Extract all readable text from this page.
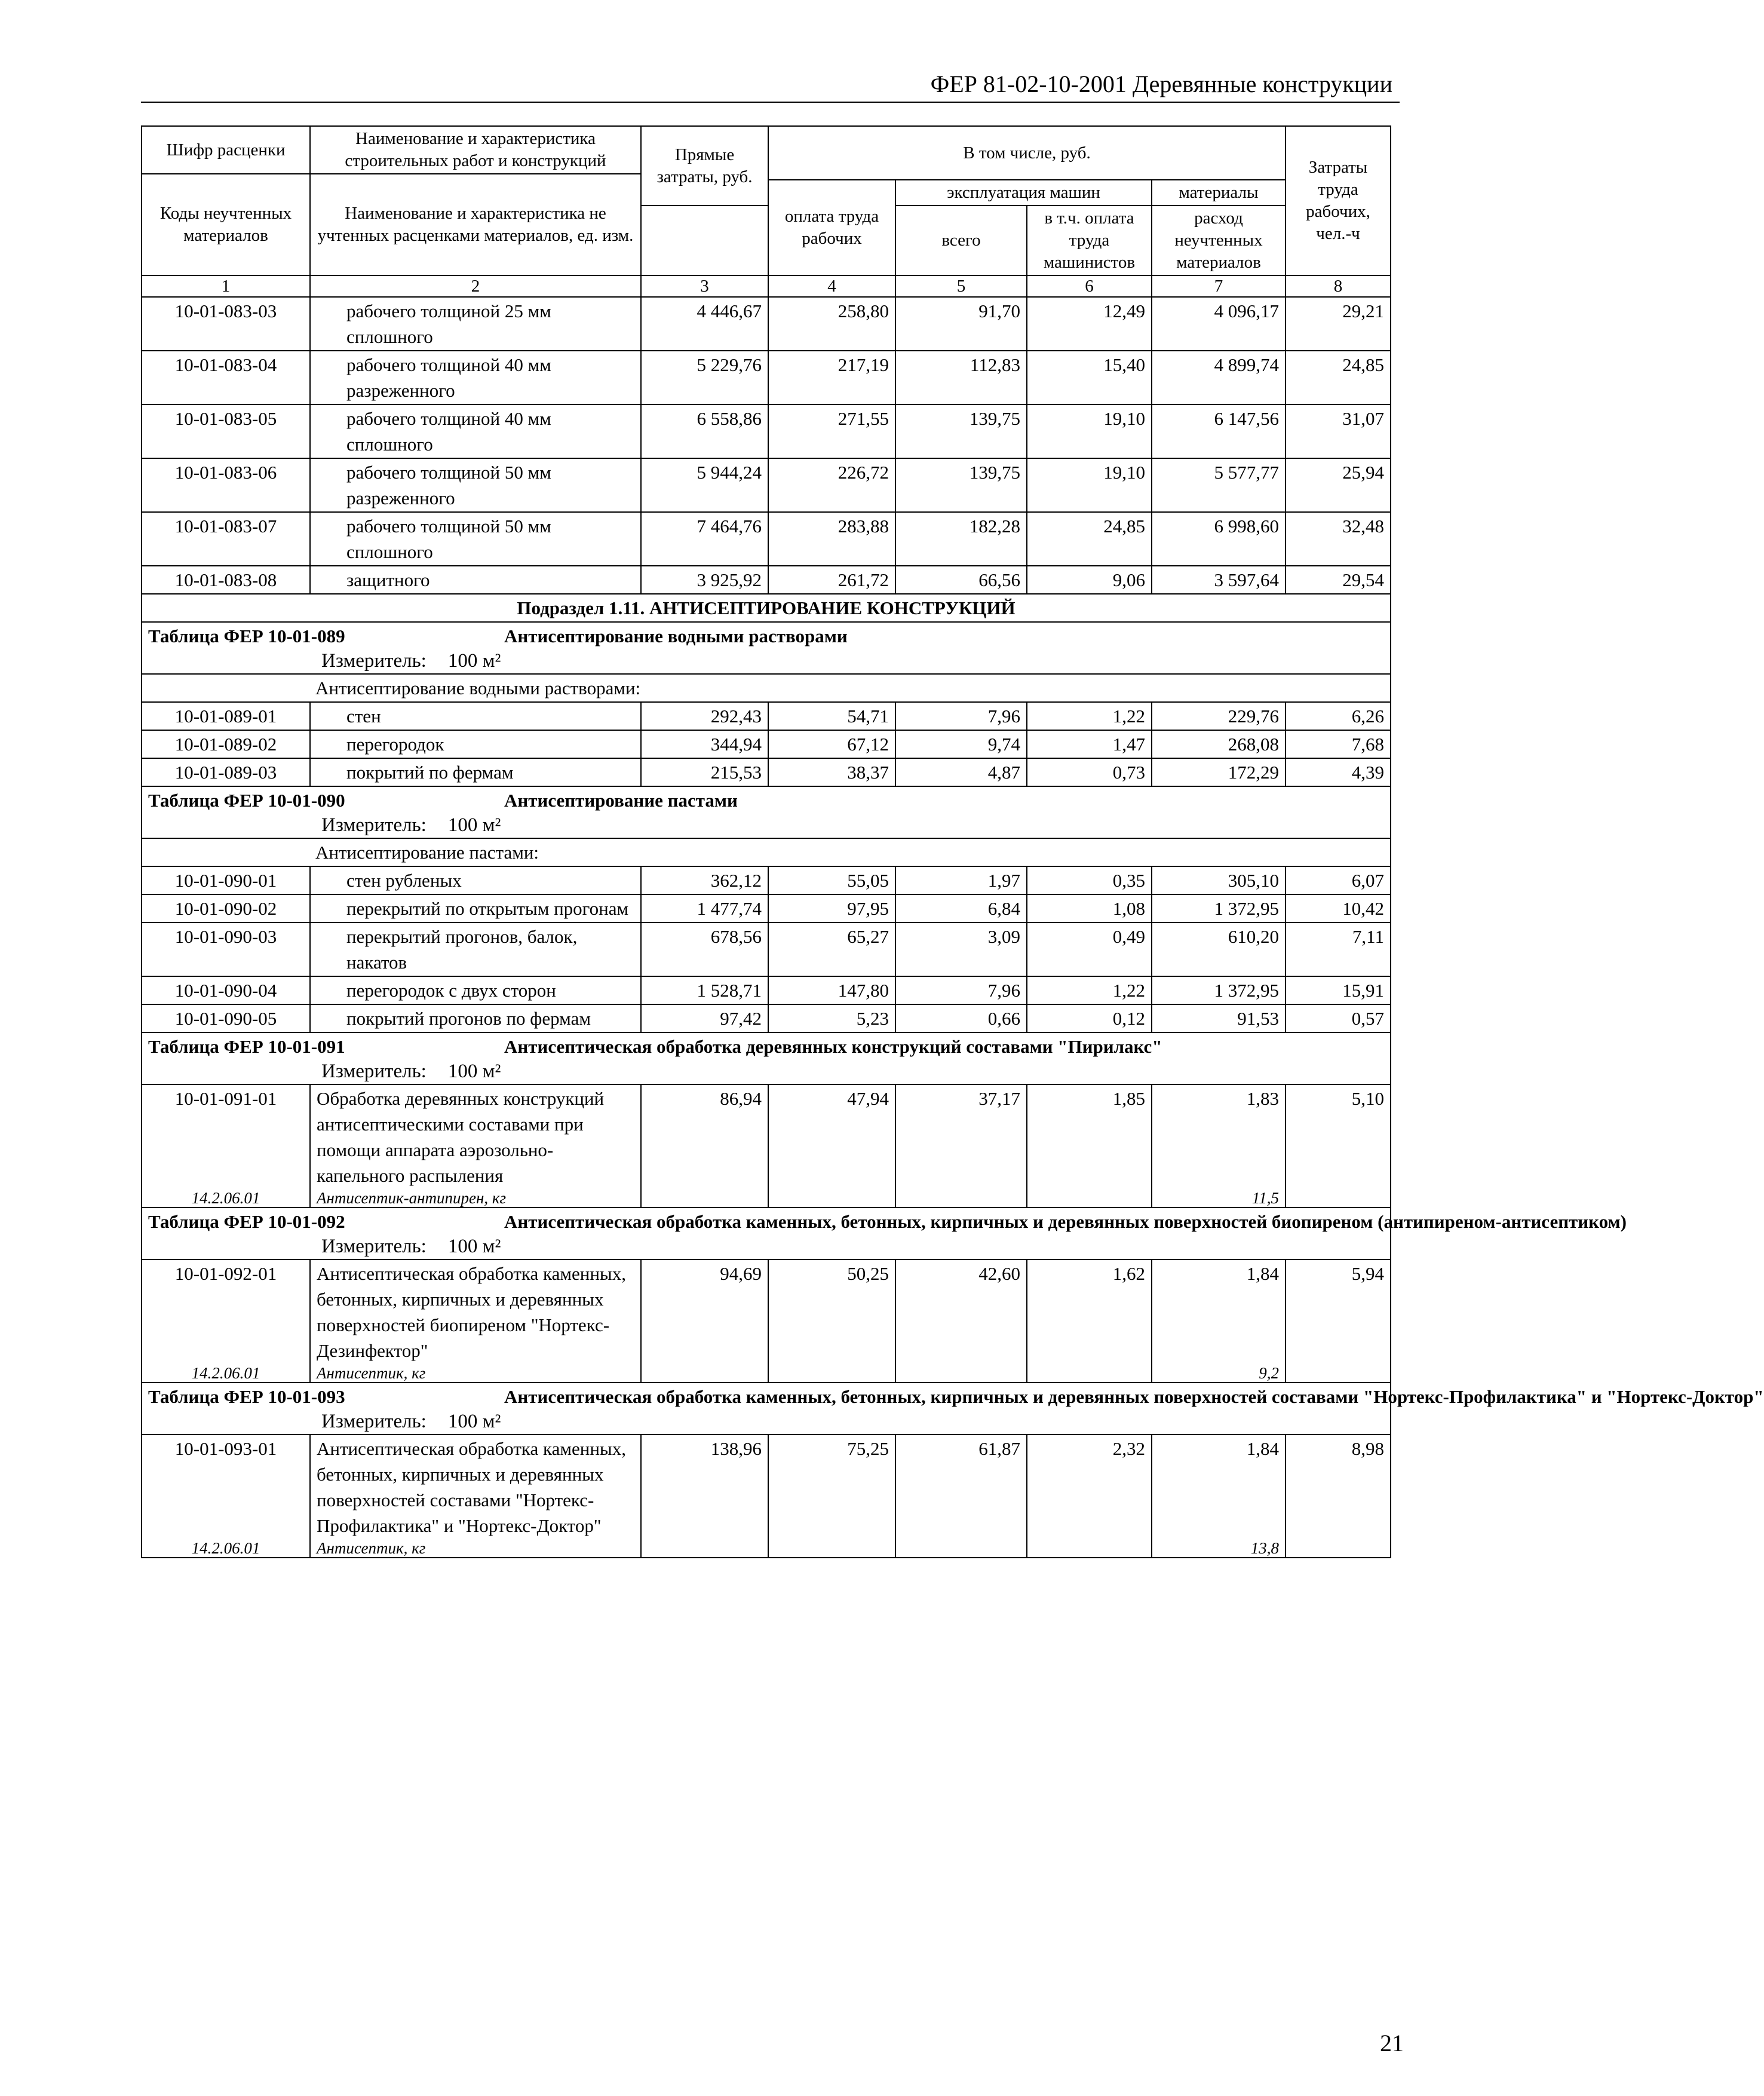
ФЕР 81-02-10-2001 Деревянные конструкции
Шифр расценки	Наименование и характеристика строительных работ и конструкций	Прямые затраты, руб.	В том числе, руб.				Затраты труда рабочих, чел.-ч
Коды неучтенных материалов	Наименование и характеристика не учтенных расценками материалов, ед. изм.						
			оплата труда рабочих	эксплуатация машин		материалы	
				всего	в т.ч. оплата труда машинистов	расход неучтенных материалов	
1	2	3	4	5	6	7	8
10-01-083-03	рабочего толщиной 25 мм сплошного	4 446,67	258,80	91,70	12,49	4 096,17	29,21
10-01-083-04	рабочего толщиной 40 мм разреженного	5 229,76	217,19	112,83	15,40	4 899,74	24,85
10-01-083-05	рабочего толщиной 40 мм сплошного	6 558,86	271,55	139,75	19,10	6 147,56	31,07
10-01-083-06	рабочего толщиной 50 мм разреженного	5 944,24	226,72	139,75	19,10	5 577,77	25,94
10-01-083-07	рабочего толщиной 50 мм сплошного	7 464,76	283,88	182,28	24,85	6 998,60	32,48
10-01-083-08	защитного	3 925,92	261,72	66,56	9,06	3 597,64	29,54
Подраздел 1.11. АНТИСЕПТИРОВАНИЕ КОНСТРУКЦИЙ							

Таблица ФЕР 10-01-089 Антисептирование водными растворами
Измеритель: 100 м²							

Антисептирование водными растворами:							
10-01-089-01	стен	292,43	54,71	7,96	1,22	229,76	6,26
10-01-089-02	перегородок	344,94	67,12	9,74	1,47	268,08	7,68
10-01-089-03	покрытий по фермам	215,53	38,37	4,87	0,73	172,29	4,39

Таблица ФЕР 10-01-090 Антисептирование пастами
Измеритель: 100 м²							

Антисептирование пастами:							
10-01-090-01	стен рубленых	362,12	55,05	1,97	0,35	305,10	6,07
10-01-090-02	перекрытий по открытым прогонам	1 477,74	97,95	6,84	1,08	1 372,95	10,42
10-01-090-03	перекрытий прогонов, балок, накатов	678,56	65,27	3,09	0,49	610,20	7,11
10-01-090-04	перегородок с двух сторон	1 528,71	147,80	7,96	1,22	1 372,95	15,91
10-01-090-05	покрытий прогонов по фермам	97,42	5,23	0,66	0,12	91,53	0,57

Таблица ФЕР 10-01-091 Антисептическая обработка деревянных конструкций составами "Пирилакс"
Измеритель: 100 м²							

10-01-091-01	Обработка деревянных конструкций антисептическими составами при помощи аппарата аэрозольно-капельного распыления	86,94	47,94	37,17	1,85	1,83	5,10
14.2.06.01	Антисептик-антипирен, кг					11,5	

Таблица ФЕР 10-01-092 Антисептическая обработка каменных, бетонных, кирпичных и деревянных поверхностей биопиреном (антипиреном-антисептиком)
Измеритель: 100 м²							

10-01-092-01	Антисептическая обработка каменных, бетонных, кирпичных и деревянных поверхностей биопиреном "Нортекс-Дезинфектор"	94,69	50,25	42,60	1,62	1,84	5,94
14.2.06.01	Антисептик, кг					9,2	

Таблица ФЕР 10-01-093 Антисептическая обработка каменных, бетонных, кирпичных и деревянных поверхностей составами "Нортекс-Профилактика" и "Нортекс-Доктор"
Измеритель: 100 м²							

10-01-093-01	Антисептическая обработка каменных, бетонных, кирпичных и деревянных поверхностей составами "Нортекс-Профилактика" и "Нортекс-Доктор"	138,96	75,25	61,87	2,32	1,84	8,98
14.2.06.01	Антисептик, кг					13,8	
21
